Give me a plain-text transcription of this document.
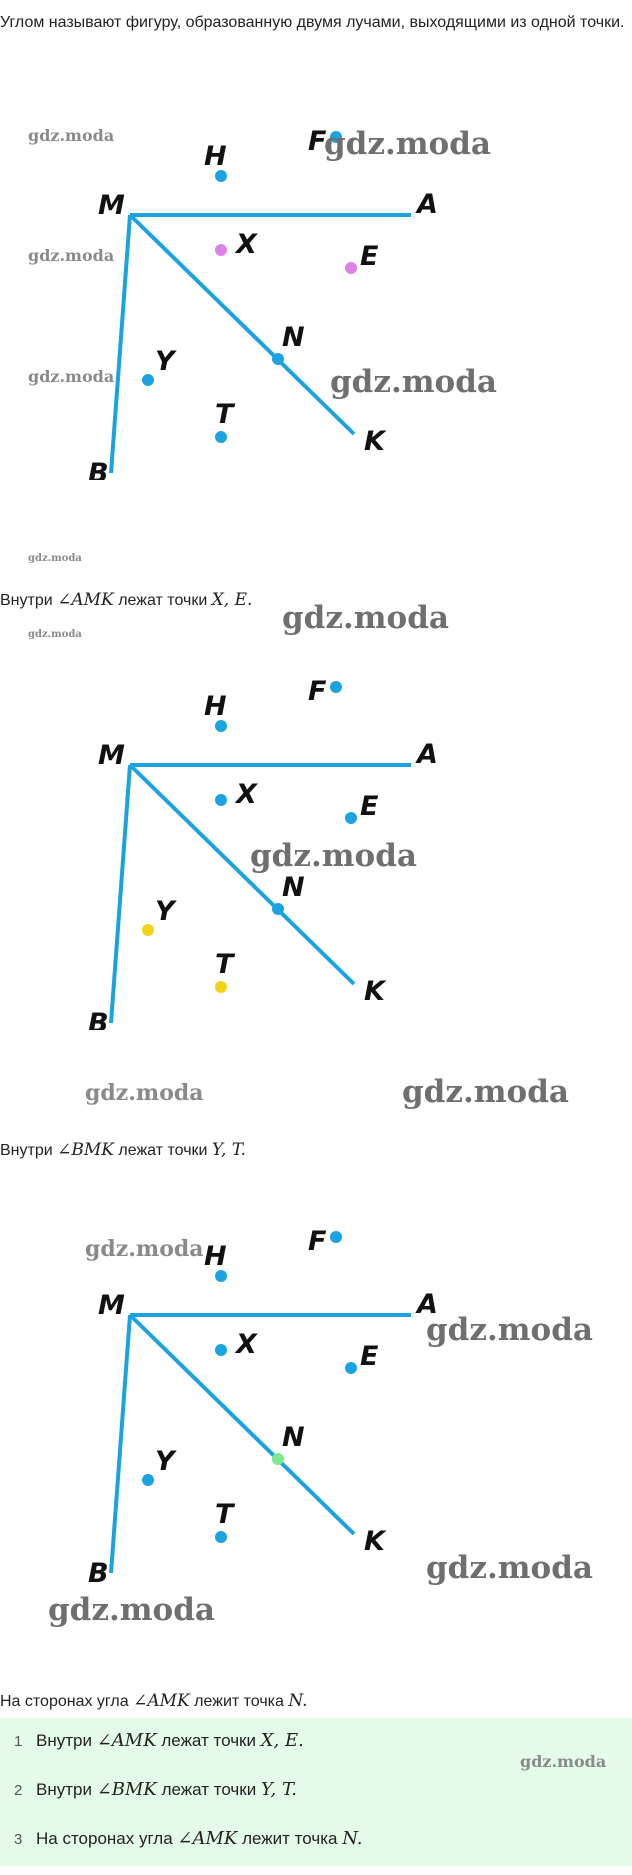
Углом называют фигуру, образованную двумя лучами, выходящими из одной точки.
H	F
M	A
X	E
Y
N
T
K
B
Внутри ∠AMK лежат точки X, E.
H	F
M	A
X	E
Y
N
T
K
B
Внутри ∠BMK лежат точки Y, T.
H	F
M	A
X	E
Y
N
T
K
B
На сторонах угла ∠AMK лежит точка N.
1 Внутри ∠AMK лежат точки X, E.
2 Внутри ∠BMK лежат точки Y, T.
3 На сторонах угла ∠AMK лежит точка N.
gdz.moda	gdz.moda
gdz.moda
gdz.moda	gdz.moda
gdz.moda
gdz.moda
gdz.moda
gdz.moda
gdz.moda	gdz.moda
gdz.moda
gdz.moda
gdz.moda
gdz.moda
gdz.moda
